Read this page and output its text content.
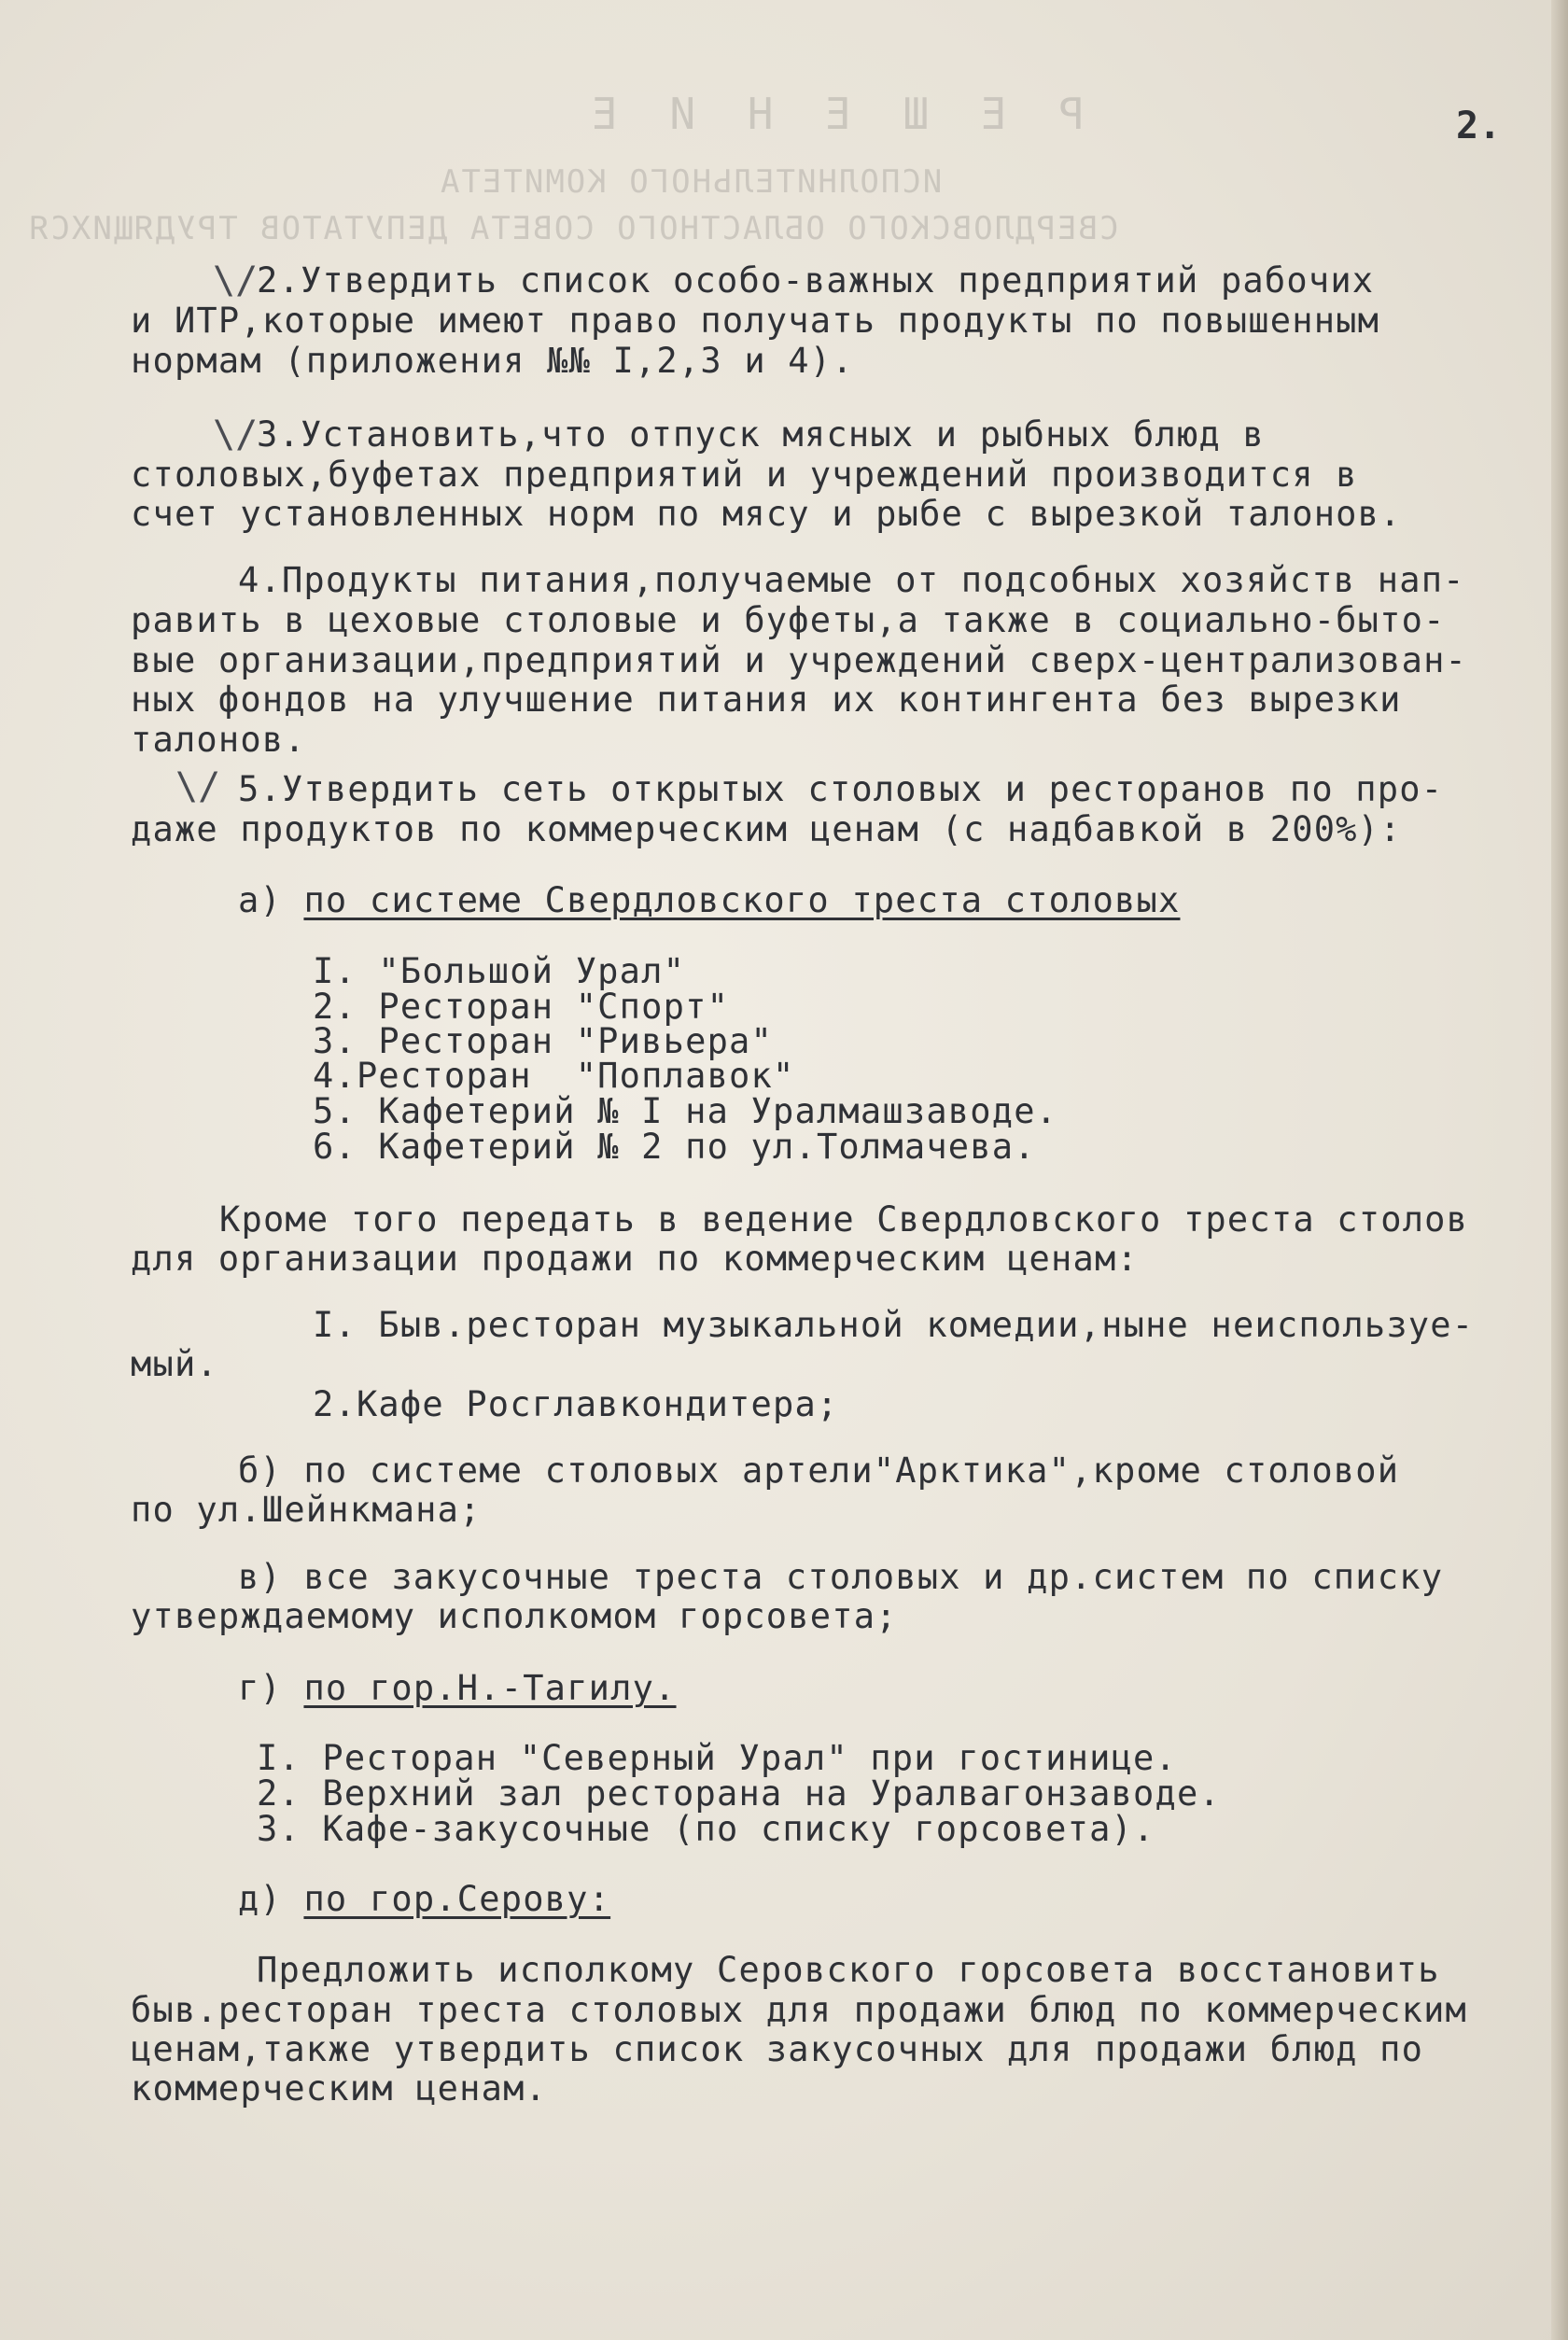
Р Е Ш Е Н И Е
ИСПОЛНИТЕЛЬНОГО КОМИТЕТА
СВЕРДЛОВСКОГО ОБЛАСТНОГО СОВЕТА ДЕПУТАТОВ ТРУДЯЩИХСЯ
2.
\/
2.Утвердить список особо-важных предприятий рабочих
и ИТР,которые имеют право получать продукты по повышенным
нормам (приложения №№ I,2,3 и 4).
\/
3.Установить,что отпуск мясных и рыбных блюд в
столовых,буфетах предприятий и учреждений производится в
счет установленных норм по мясу и рыбе с вырезкой талонов.
4.Продукты питания,получаемые от подсобных хозяйств нап-
равить в цеховые столовые и буфеты,а также в социально-быто-
вые организации,предприятий и учреждений сверх-централизован-
ных фондов на улучшение питания их контингента без вырезки
талонов.
\/ 5.Утвердить сеть открытых столовых и ресторанов по про-
даже продуктов по коммерческим ценам (с надбавкой в 200%):
а) по системе Свердловского треста столовых
I. "Большой Урал"
2. Ресторан "Спорт"
3. Ресторан "Ривьера"
4.Ресторан  "Поплавок"
5. Кафетерий № I на Уралмашзаводе.
6. Кафетерий № 2 по ул.Толмачева.
Кроме того передать в ведение Свердловского треста столов
для организации продажи по коммерческим ценам:
I. Быв.ресторан музыкальной комедии,ныне неиспользуе-
мый.
2.Кафе Росглавкондитера;
б) по системе столовых артели"Арктика",кроме столовой
по ул.Шейнкмана;
в) все закусочные треста столовых и др.систем по списку
утверждаемому исполкомом горсовета;
г) по гор.Н.-Тагилу.
I. Ресторан "Северный Урал" при гостинице.
2. Верхний зал ресторана на Уралвагонзаводе.
3. Кафе-закусочные (по списку горсовета).
д) по гор.Серову:
Предложить исполкому Серовского горсовета восстановить
быв.ресторан треста столовых для продажи блюд по коммерческим
ценам,также утвердить список закусочных для продажи блюд по
коммерческим ценам.
